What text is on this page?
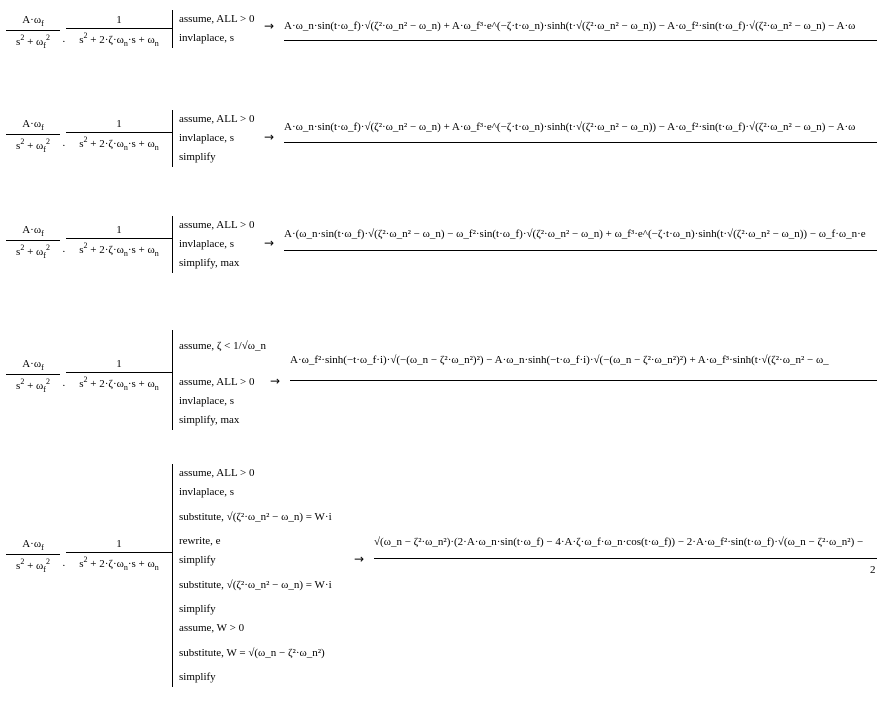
$A\cdot\omega_f$
$s^2 + \omega_f^2$	·
1
$s^2 + 2\cdot\zeta\cdot\omega_n\cdot s + \omega_n$
assume, ALL > 0
invlaplace, s
→ A·ω_n·sin(t·ω_f)·√(ζ²·ω_n² − ω_n) + A·ω_f³·e^(−ζ·t·ω_n)·sinh(t·√(ζ²·ω_n² − ω_n)) − A·ω_f²·sin(t·ω_f)·√(ζ²·ω_n² − ω_n) − A·ω
$A\cdot\omega_f$
$s^2 + \omega_f^2$	·
1
$s^2 + 2\cdot\zeta\cdot\omega_n\cdot s + \omega_n$
assume, ALL > 0
invlaplace, s
simplify
→
A·ω_n·sin(t·ω_f)·√(ζ²·ω_n² − ω_n) + A·ω_f³·e^(−ζ·t·ω_n)·sinh(t·√(ζ²·ω_n² − ω_n)) − A·ω_f²·sin(t·ω_f)·√(ζ²·ω_n² − ω_n) − A·ω
$A\cdot\omega_f$
$s^2 + \omega_f^2$	·
1
$s^2 + 2\cdot\zeta\cdot\omega_n\cdot s + \omega_n$
assume, ALL > 0
invlaplace, s
simplify, max
→
A·(ω_n·sin(t·ω_f)·√(ζ²·ω_n² − ω_n) − ω_f²·sin(t·ω_f)·√(ζ²·ω_n² − ω_n) + ω_f³·e^(−ζ·t·ω_n)·sinh(t·√(ζ²·ω_n² − ω_n)) − ω_f·ω_n·e
$A\cdot\omega_f$
$s^2 + \omega_f^2$	·
1
$s^2 + 2\cdot\zeta\cdot\omega_n\cdot s + \omega_n$
assume, ζ < 1/√ω_n
assume, ALL > 0
invlaplace, s
simplify, max
→
A·ω_f²·sinh(−t·ω_f·i)·√(−(ω_n − ζ²·ω_n²)²) − A·ω_n·sinh(−t·ω_f·i)·√(−(ω_n − ζ²·ω_n²)²) + A·ω_f³·sinh(t·√(ζ²·ω_n² − ω_
$A\cdot\omega_f$
$s^2 + \omega_f^2$	·
1
$s^2 + 2\cdot\zeta\cdot\omega_n\cdot s + \omega_n$
assume, ALL > 0
invlaplace, s
substitute, √(ζ²·ω_n² − ω_n) = W·i
rewrite, e
simplify
substitute, √(ζ²·ω_n² − ω_n) = W·i
simplify
assume, W > 0
substitute, W = √(ω_n − ζ²·ω_n²)
simplify
→
√(ω_n − ζ²·ω_n²)·(2·A·ω_n·sin(t·ω_f) − 4·A·ζ·ω_f·ω_n·cos(t·ω_f)) − 2·A·ω_f²·sin(t·ω_f)·√(ω_n − ζ²·ω_n²) −
2
